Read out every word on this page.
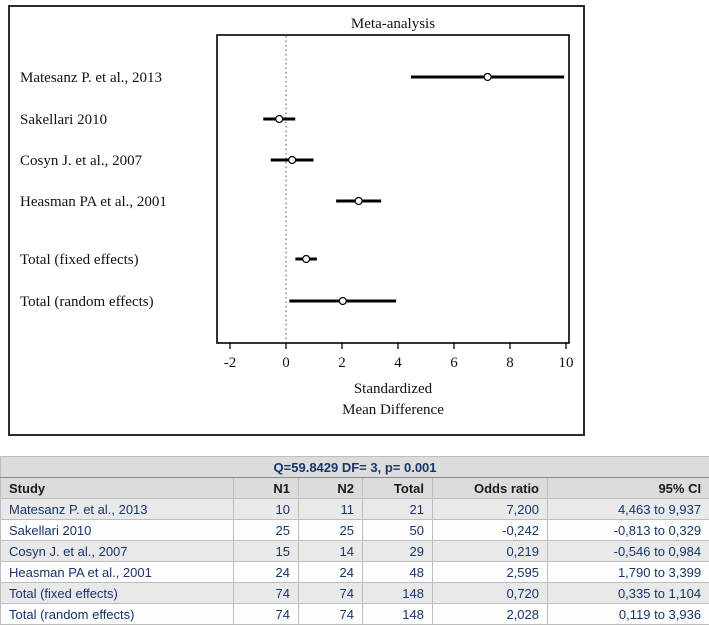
Meta-analysis
-2	0	2	4	6	8	10
Standardized
Mean Difference
Matesanz P. et al., 2013
Sakellari 2010
Cosyn J. et al., 2007
Heasman PA et al., 2001
Total (fixed effects)
Total (random effects)
Q=59.8429 DF= 3, p= 0.001					
Study	N1	N2	Total	Odds ratio	95% CI
Matesanz P. et al., 2013	10	11	21	7,200	4,463 to 9,937
Sakellari 2010	25	25	50	-0,242	-0,813 to 0,329
Cosyn J. et al., 2007	15	14	29	0,219	-0,546 to 0,984
Heasman PA et al., 2001	24	24	48	2,595	1,790 to 3,399
Total (fixed effects)	74	74	148	0,720	0,335 to 1,104
Total (random effects)	74	74	148	2,028	0,119 to 3,936
